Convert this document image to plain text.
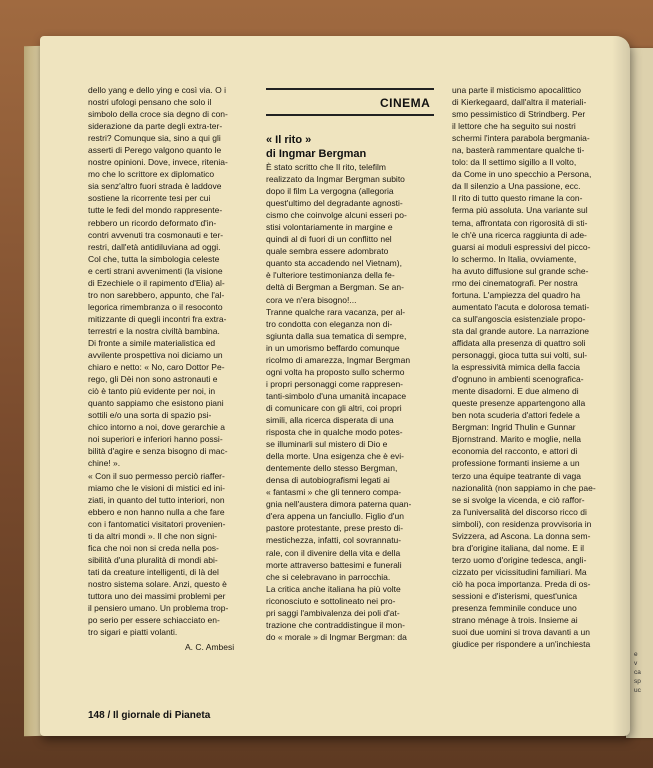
dello yang e dello ying e così via. O i
nostri ufologi pensano che solo il
simbolo della croce sia degno di con-
siderazione da parte degli extra-ter-
restri? Comunque sia, sino a qui gli
asserti di Perego valgono quanto le
nostre opinioni. Dove, invece, riteniа-
mo che lo scrittore ex diplomatico
sia senz'altro fuori strada è laddove
sostiene la ricorrente tesi per cui
tutte le fedi del mondo rappresente-
rebbero un ricordo deformato d'in-
contri avvenuti tra cosmonauti e ter-
restri, dall'età antidiluviana ad oggi.
Col che, tutta la simbologia celeste
e certi strani avvenimenti (la visione
di Ezechiele o il rapimento d'Elia) al-
tro non sarebbero, appunto, che l'al-
legorica rimembranza o il resoconto
mitizzante di quegli incontri fra extra-
terrestri e la nostra civiltà bambina.
Di fronte a simile materialistica ed
avvilente prospettiva noi diciamo un
chiaro e netto: « No, caro Dottor Pe-
rego, gli Dèi non sono astronauti e
ciò è tanto più evidente per noi, in
quanto sappiamo che esistono piani
sottili e/o una sorta di spazio psi-
chico intorno a noi, dove gerarchie a
noi superiori e inferiori hanno possi-
bilità d'agire e senza bisogno di mac-
chine! ».
« Con il suo permesso perciò riaffer-
miamo che le visioni di mistici ed ini-
ziati, in quanto del tutto interiori, non
ebbero e non hanno nulla a che fare
con i fantomatici visitatori provenien-
ti da altri mondi ». Il che non signi-
fica che noi non si creda nella pos-
sibilità d'una pluralità di mondi abi-
tati da creature intelligenti, di là del
nostro sistema solare. Anzi, questo è
tuttora uno dei massimi problemi per
il pensiero umano. Un problema trop-
po serio per essere schiacciato en-
tro sigari e piatti volanti.
CINEMA
« Il rito »
di Ingmar Bergman
È stato scritto che Il rito, telefilm
realizzato da Ingmar Bergman subito
dopo il film La vergogna (allegoria
quest'ultimo del degradante agnosti-
cismo che coinvolge alcuni esseri po-
stisi volontariamente in margine e
quindi al di fuori di un conflitto nel
quale sembra essere adombrato
quanto sta accadendo nel Vietnam),
è l'ulteriore testimonianza della fe-
deltà di Bergman a Bergman. Se an-
cora ve n'era bisogno!...
Tranne qualche rara vacanza, per al-
tro condotta con eleganza non di-
sgiunta dalla sua tematica di sempre,
in un umorismo beffardo comunque
ricolmo di amarezza, Ingmar Bergman
ogni volta ha proposto sullo schermo
i propri personaggi come rappresen-
tanti-simbolo d'una umanità incapace
di comunicare con gli altri, coi propri
simili, alla ricerca disperata di una
risposta che in qualche modo potes-
se illuminarli sul mistero di Dio e
della morte. Una esigenza che è evi-
dentemente dello stesso Bergman,
densa di autobiografismi legati ai
« fantasmi » che gli tennero compa-
gnia nell'austera dimora paterna quan-
d'era appena un fanciullo. Figlio d'un
pastore protestante, prese presto di-
mestichezza, infatti, col sovrannatu-
rale, con il divenire della vita e della
morte attraverso battesimi e funerali
che si celebravano in parrocchia.
La critica anche italiana ha più volte
riconosciuto e sottolineato nei pro-
pri saggi l'ambivalenza dei poli d'at-
trazione che contraddistingue il mon-
do « morale » di Ingmar Bergman: da
una parte il misticismo apocalittico
di Kierkegaard, dall'altra il materiali-
smo pessimistico di Strindberg. Per
il lettore che ha seguito sui nostri
schermi l'intera parabola bergmania-
na, basterà rammentare qualche ti-
tolo: da Il settimo sigillo a Il volto,
da Come in uno specchio a Persona,
da Il silenzio a Una passione, ecc.
Il rito di tutto questo rimane la con-
ferma più assoluta. Una variante sul
tema, affrontata con rigorosità di sti-
le ch'è una ricerca raggiunta di ade-
guarsi ai moduli espressivi del picco-
lo schermo. In Italia, ovviamente,
ha avuto diffusione sul grande sche-
rmo dei cinematografi. Per nostra
fortuna. L'ampiezza del quadro ha
aumentato l'acuta e dolorosa temati-
ca sull'angoscia esistenziale propo-
sta dal grande autore. La narrazione
affidata alla presenza di quattro soli
personaggi, gioca tutta sui volti, sul-
la espressività mimica della faccia
d'ognuno in ambienti scenografica-
mente disadorni. E due almeno di
queste presenze appartengono alla
ben nota scuderia d'attori fedele a
Bergman: Ingrid Thulin e Gunnar
Bjornstrand. Marito e moglie, nella
economia del racconto, e attori di
professione formanti insieme a un
terzo una équipe teatrante di vaga
nazionalità (non sappiamo in che pae-
se si svolge la vicenda, e ciò raffor-
za l'universalità del discorso ricco di
simboli), con residenza provvisoria in
Svizzera, ad Ascona. La donna sem-
bra d'origine italiana, dal nome. E il
terzo uomo d'origine tedesca, angli-
cizzato per vicissitudini familiari. Ma
ciò ha poca importanza. Preda di os-
sessioni e d'isterismi, quest'unica
presenza femminile conduce uno
strano ménage à trois. Insieme ai
suoi due uomini si trova davanti a un
giudice per rispondere a un'inchiesta
A. C. Ambesi
148 / Il giornale di Pianeta
e
v
ca
sp
uc
